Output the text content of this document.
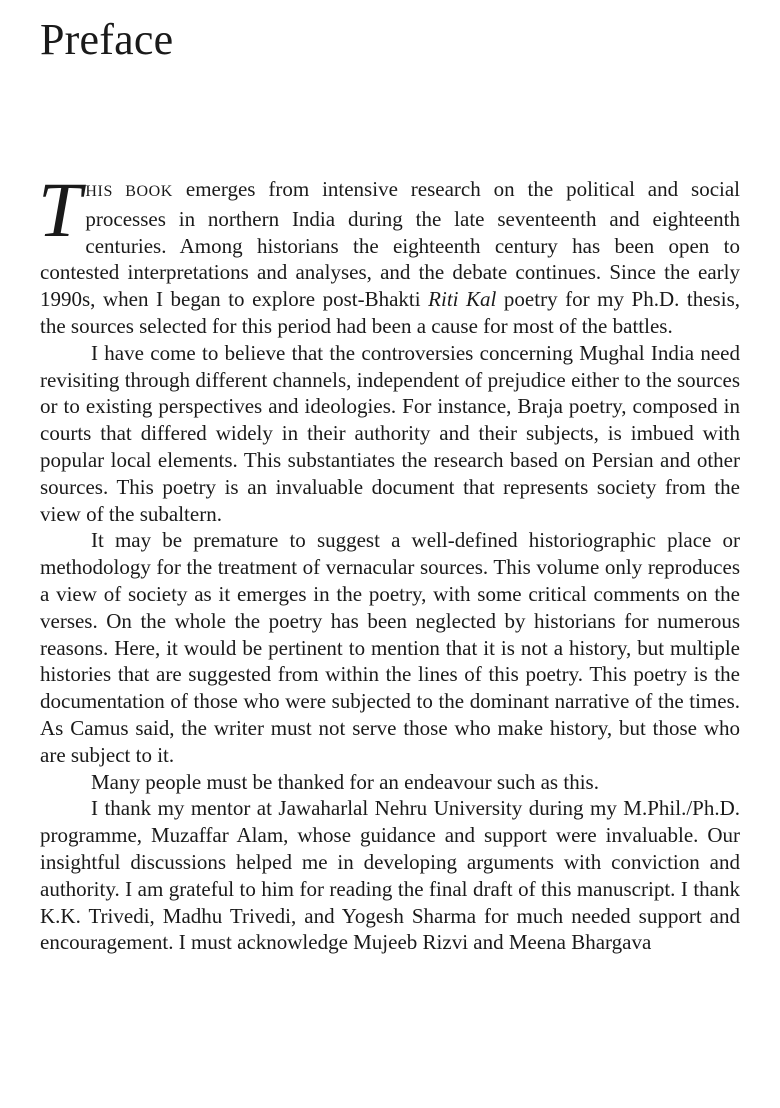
Preface

THIS BOOK emerges from intensive research on the political and social processes in northern India during the late seventeenth and eighteenth centuries. Among historians the eighteenth century has been open to contested interpretations and analyses, and the debate continues. Since the early 1990s, when I began to explore post-Bhakti Riti Kal poetry for my Ph.D. thesis, the sources selected for this period had been a cause for most of the battles.

I have come to believe that the controversies concerning Mughal India need revisiting through different channels, independent of prejudice either to the sources or to existing perspectives and ideologies. For instance, Braja poetry, composed in courts that differed widely in their authority and their subjects, is imbued with popular local elements. This substantiates the research based on Persian and other sources. This poetry is an invaluable document that represents society from the view of the subaltern.

It may be premature to suggest a well-defined historiographic place or methodology for the treatment of vernacular sources. This volume only reproduces a view of society as it emerges in the poetry, with some critical comments on the verses. On the whole the poetry has been neglected by historians for numerous reasons. Here, it would be pertinent to mention that it is not a history, but multiple histories that are suggested from within the lines of this poetry. This poetry is the documentation of those who were subjected to the dominant narrative of the times. As Camus said, the writer must not serve those who make history, but those who are subject to it.

Many people must be thanked for an endeavour such as this.

I thank my mentor at Jawaharlal Nehru University during my M.Phil./Ph.D. programme, Muzaffar Alam, whose guidance and support were invaluable. Our insightful discussions helped me in developing arguments with conviction and authority. I am grateful to him for reading the final draft of this manuscript. I thank K.K. Trivedi, Madhu Trivedi, and Yogesh Sharma for much needed support and encouragement. I must acknowledge Mujeeb Rizvi and Meena Bhargava
